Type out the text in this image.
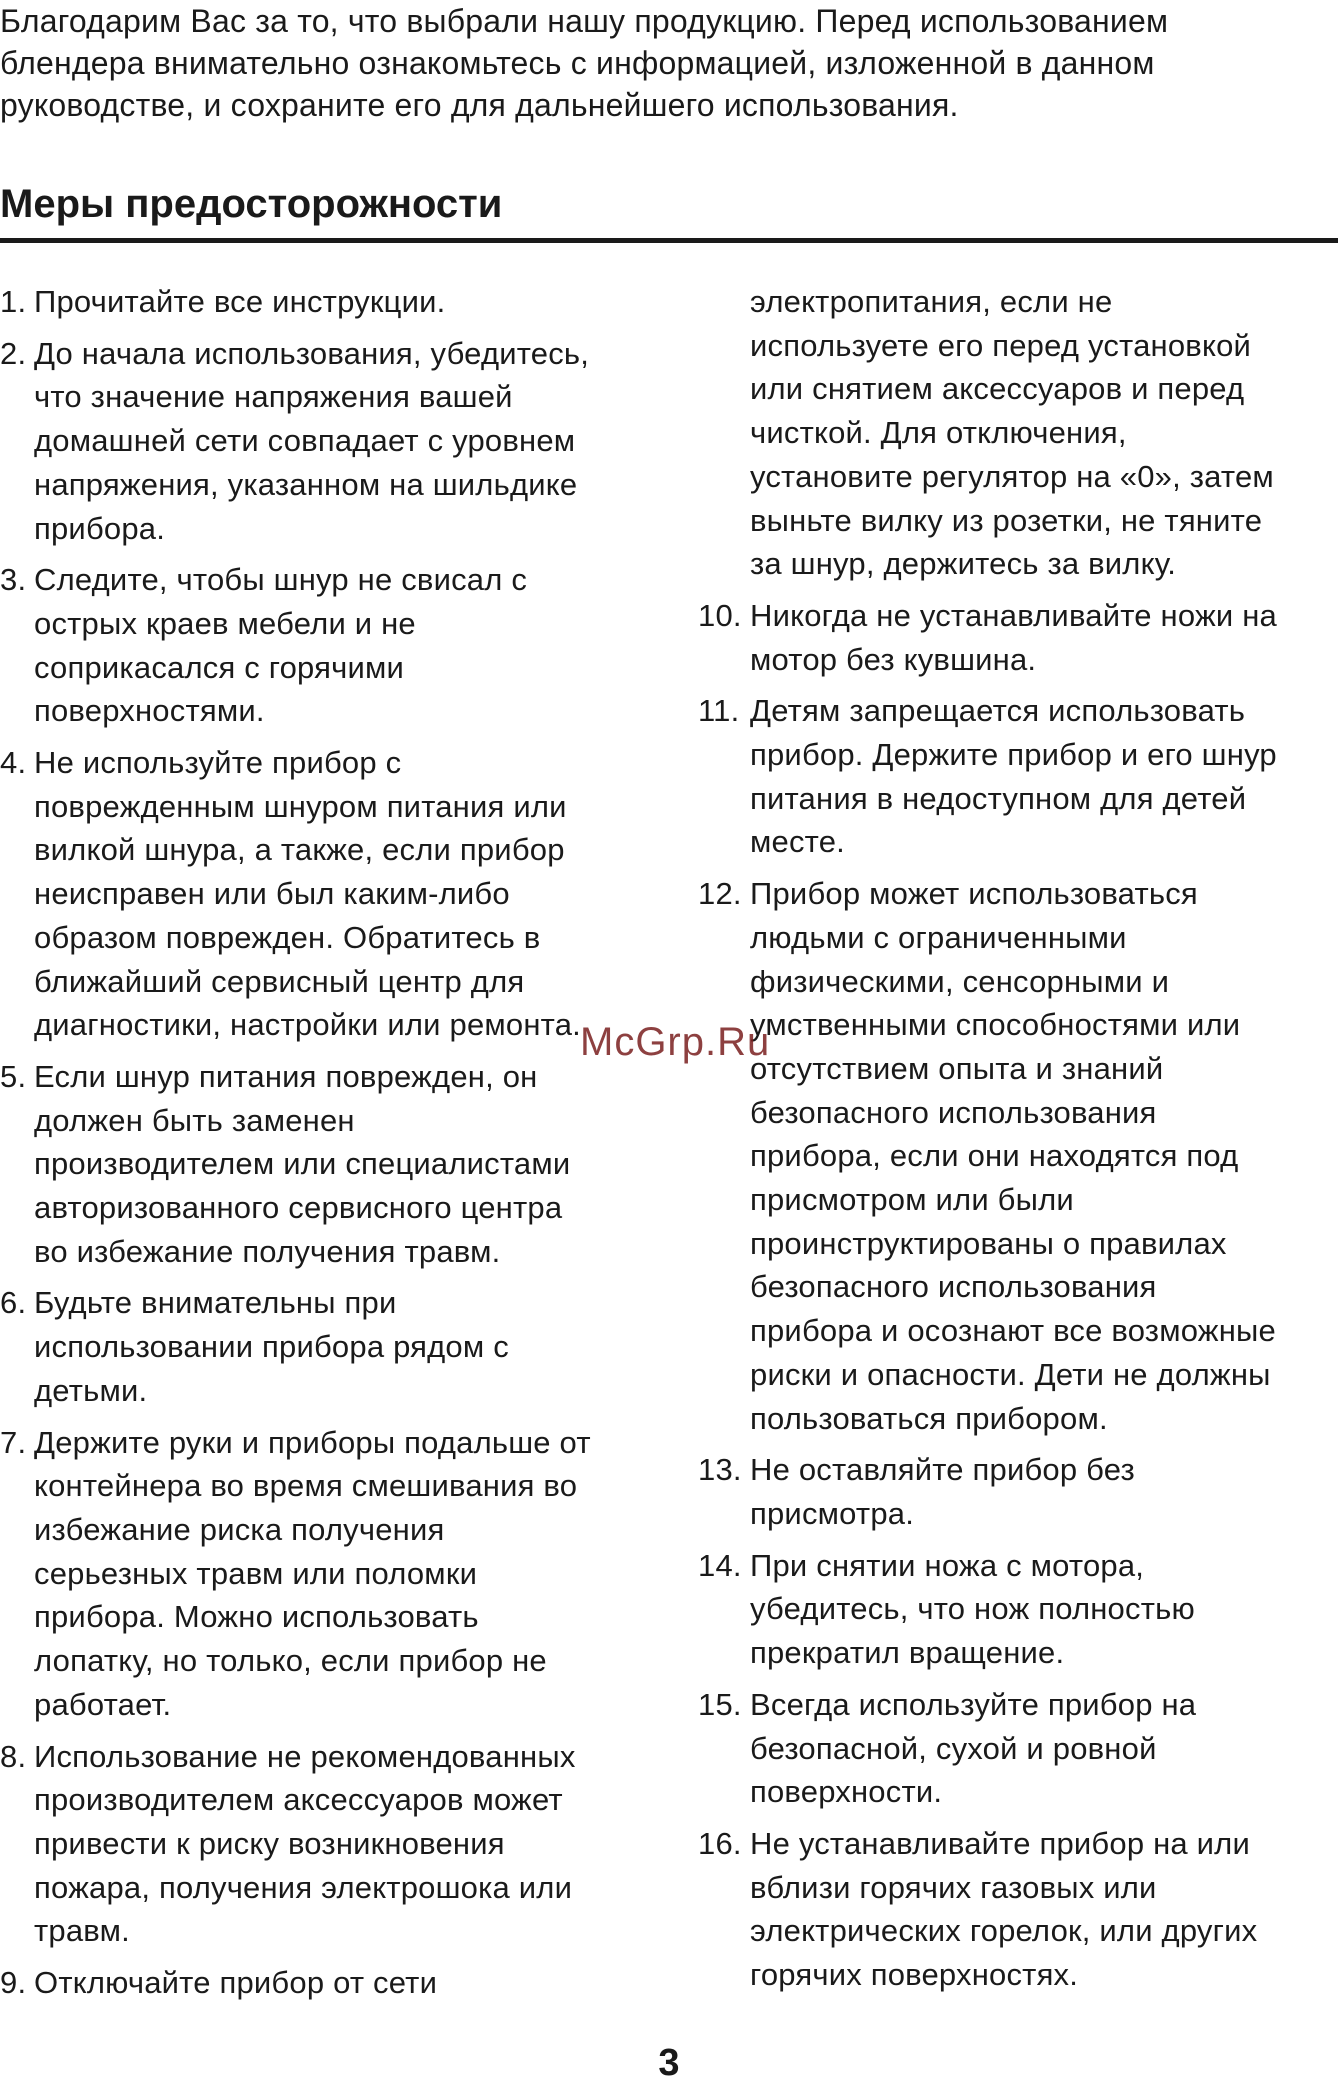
Благодарим Вас за то, что выбрали нашу продукцию. Перед использованием
блендера внимательно ознакомьтесь с информацией, изложенной в данном
руководстве, и сохраните его для дальнейшего использования.
Меры предосторожности
1. Прочитайте все инструкции.
2. До начала использования, убедитесь,
что значение напряжения вашей
домашней сети совпадает с уровнем
напряжения, указанном на шильдике
прибора.
3. Следите, чтобы шнур не свисал с
острых краев мебели и не
соприкасался с горячими
поверхностями.
4. Не используйте прибор с
поврежденным шнуром питания или
вилкой шнура, а также, если прибор
неисправен или был каким-либо
образом поврежден. Обратитесь в
ближайший сервисный центр для
диагностики, настройки или ремонта.
5. Если шнур питания поврежден, он
должен быть заменен
производителем или специалистами
авторизованного сервисного центра
во избежание получения травм.
6. Будьте внимательны при
использовании прибора рядом с
детьми.
7. Держите руки и приборы подальше от
контейнера во время смешивания во
избежание риска получения
серьезных травм или поломки
прибора. Можно использовать
лопатку, но только, если прибор не
работает.
8. Использование не рекомендованных
производителем аксессуаров может
привести к риску возникновения
пожара, получения электрошока или
травм.
9. Отключайте прибор от сети
электропитания, если не
используете его перед установкой
или снятием аксессуаров и перед
чисткой. Для отключения,
установите регулятор на «0», затем
выньте вилку из розетки, не тяните
за шнур, держитесь за вилку.
10. Никогда не устанавливайте ножи на
мотор без кувшина.
11. Детям запрещается использовать
прибор. Держите прибор и его шнур
питания в недоступном для детей
месте.
12. Прибор может использоваться
людьми с ограниченными
физическими, сенсорными и
умственными способностями или
отсутствием опыта и знаний
безопасного использования
прибора, если они находятся под
присмотром или были
проинструктированы о правилах
безопасного использования
прибора и осознают все возможные
риски и опасности. Дети не должны
пользоваться прибором.
13. Не оставляйте прибор без
присмотра.
14. При снятии ножа с мотора,
убедитесь, что нож полностью
прекратил вращение.
15. Всегда используйте прибор на
безопасной, сухой и ровной
поверхности.
16. Не устанавливайте прибор на или
вблизи горячих газовых или
электрических горелок, или других
горячих поверхностях.
McGrp.Ru
3
